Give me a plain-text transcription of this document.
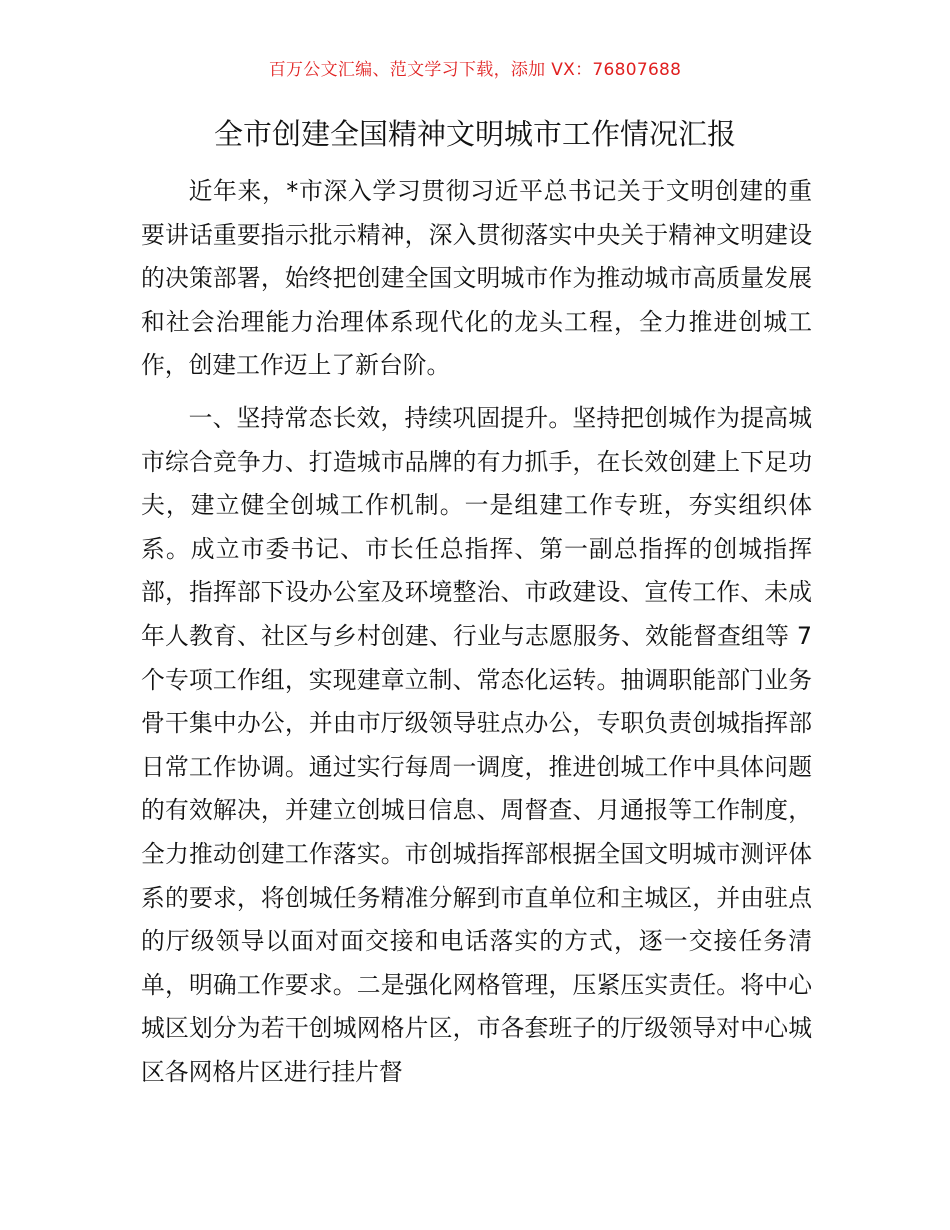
百万公文汇编、范文学习下载，添加 VX：76807688
全市创建全国精神文明城市工作情况汇报

近年来，*市深入学习贯彻习近平总书记关于文明创建的重要讲话重要指示批示精神，深入贯彻落实中央关于精神文明建设的决策部署，始终把创建全国文明城市作为推动城市高质量发展和社会治理能力治理体系现代化的龙头工程，全力推进创城工作，创建工作迈上了新台阶。

一、坚持常态长效，持续巩固提升。坚持把创城作为提高城市综合竞争力、打造城市品牌的有力抓手，在长效创建上下足功夫，建立健全创城工作机制。一是组建工作专班，夯实组织体系。成立市委书记、市长任总指挥、第一副总指挥的创城指挥部，指挥部下设办公室及环境整治、市政建设、宣传工作、未成年人教育、社区与乡村创建、行业与志愿服务、效能督查组等 7 个专项工作组，实现建章立制、常态化运转。抽调职能部门业务骨干集中办公，并由市厅级领导驻点办公，专职负责创城指挥部日常工作协调。通过实行每周一调度，推进创城工作中具体问题的有效解决，并建立创城日信息、周督查、月通报等工作制度，全力推动创建工作落实。市创城指挥部根据全国文明城市测评体系的要求，将创城任务精准分解到市直单位和主城区，并由驻点的厅级领导以面对面交接和电话落实的方式，逐一交接任务清单，明确工作要求。二是强化网格管理，压紧压实责任。将中心城区划分为若干创城网格片区，市各套班子的厅级领导对中心城区各网格片区进行挂片督
